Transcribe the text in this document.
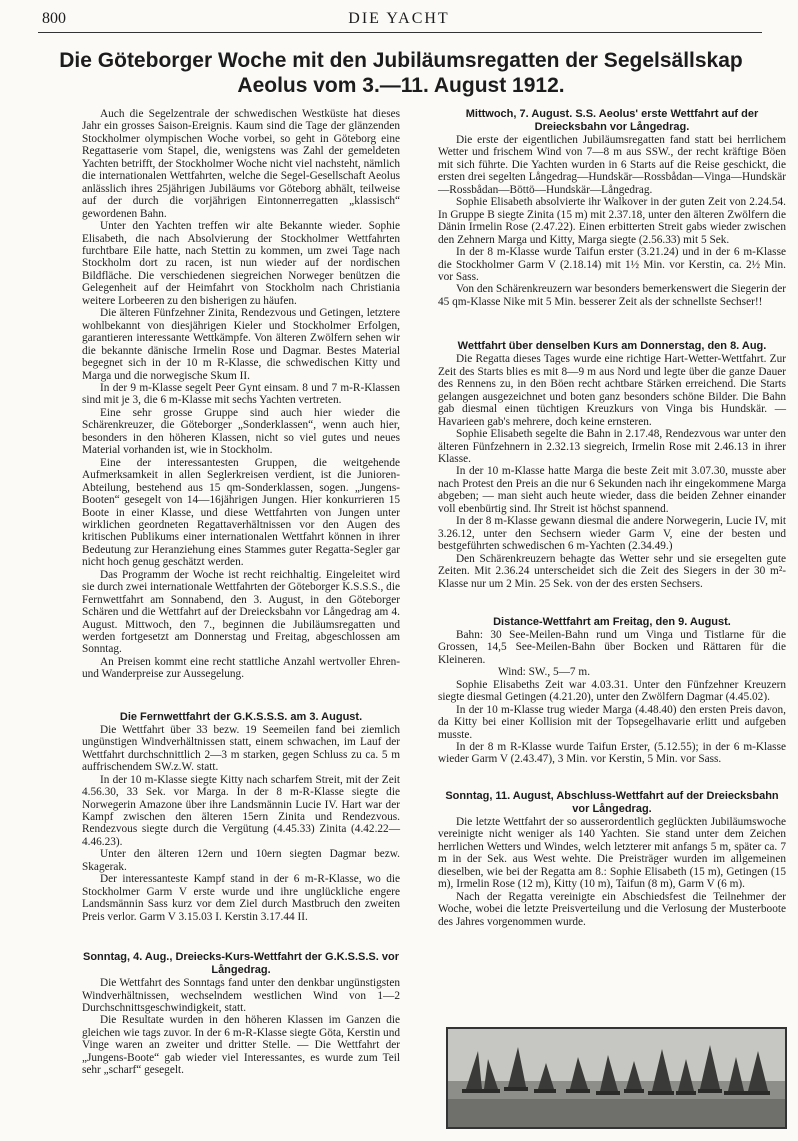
800	DIE YACHT
Die Göteborger Woche mit den Jubiläumsregatten der Segelsällskap Aeolus vom 3.—11. August 1912.

Auch die Segelzentrale der schwedischen Westküste hat dieses Jahr ein grosses Saison-Ereignis. Kaum sind die Tage der glänzenden Stockholmer olympischen Woche vorbei, so geht in Göteborg eine Regattaserie vom Stapel, die, wenigstens was Zahl der gemeldeten Yachten betrifft, der Stockholmer Woche nicht viel nachsteht, nämlich die internationalen Wettfahrten, welche die Segel-Gesellschaft Aeolus anlässlich ihres 25jährigen Jubiläums vor Göteborg abhält, teilweise auf der durch die vorjährigen Eintonnerregatten „klassisch“ gewordenen Bahn.

Unter den Yachten treffen wir alte Bekannte wieder. Sophie Elisabeth, die nach Absolvierung der Stockholmer Wettfahrten furchtbare Eile hatte, nach Stettin zu kommen, um zwei Tage nach Stockholm dort zu racen, ist nun wieder auf der nordischen Bildfläche. Die verschiedenen siegreichen Norweger benützen die Gelegenheit auf der Heimfahrt von Stockholm nach Christiania weitere Lorbeeren zu den bisherigen zu häufen.

Die älteren Fünfzehner Zinita, Rendezvous und Getingen, letztere wohlbekannt von diesjährigen Kieler und Stockholmer Erfolgen, garantieren interessante Wettkämpfe. Von älteren Zwölfern sehen wir die bekannte dänische Irmelin Rose und Dagmar. Bestes Material begegnet sich in der 10 m R-Klasse, die schwedischen Kitty und Marga und die norwegische Skum II.

In der 9 m-Klasse segelt Peer Gynt einsam. 8 und 7 m-R-Klassen sind mit je 3, die 6 m-Klasse mit sechs Yachten vertreten.

Eine sehr grosse Gruppe sind auch hier wieder die Schärenkreuzer, die Göteborger „Sonderklassen“, wenn auch hier, besonders in den höheren Klassen, nicht so viel gutes und neues Material vorhanden ist, wie in Stockholm.

Eine der interessantesten Gruppen, die weitgehende Aufmerksamkeit in allen Seglerkreisen verdient, ist die Junioren-Abteilung, bestehend aus 15 qm-Sonderklassen, sogen. „Jungens-Booten“ gesegelt von 14—16jährigen Jungen. Hier konkurrieren 15 Boote in einer Klasse, und diese Wettfahrten von Jungen unter wirklichen geordneten Regattaverhältnissen vor den Augen des kritischen Publikums einer internationalen Wettfahrt können in ihrer Bedeutung zur Heranziehung eines Stammes guter Regatta-Segler gar nicht hoch genug geschätzt werden.

Das Programm der Woche ist recht reichhaltig. Eingeleitet wird sie durch zwei internationale Wettfahrten der Göteborger K.S.S.S., die Fernwettfahrt am Sonnabend, den 3. August, in den Göteborger Schären und die Wettfahrt auf der Dreiecksbahn vor Långedrag am 4. August. Mittwoch, den 7., beginnen die Jubiläumsregatten und werden fortgesetzt am Donnerstag und Freitag, abgeschlossen am Sonntag.

An Preisen kommt eine recht stattliche Anzahl wertvoller Ehren- und Wanderpreise zur Aussegelung.

Die Fernwettfahrt der G.K.S.S.S. am 3. August.

Die Wettfahrt über 33 bezw. 19 Seemeilen fand bei ziemlich ungünstigen Windverhältnissen statt, einem schwachen, im Lauf der Wettfahrt durchschnittlich 2—3 m starken, gegen Schluss zu ca. 5 m auffrischendem SW.z.W. statt.

In der 10 m-Klasse siegte Kitty nach scharfem Streit, mit der Zeit 4.56.30, 33 Sek. vor Marga. In der 8 m-R-Klasse siegte die Norwegerin Amazone über ihre Landsmännin Lucie IV. Hart war der Kampf zwischen den älteren 15ern Zinita und Rendezvous. Rendezvous siegte durch die Vergütung (4.45.33) Zinita (4.42.22—4.46.23).

Unter den älteren 12ern und 10ern siegten Dagmar bezw. Skagerak.

Der interessanteste Kampf stand in der 6 m-R-Klasse, wo die Stockholmer Garm V erste wurde und ihre unglückliche engere Landsmännin Sass kurz vor dem Ziel durch Mastbruch den zweiten Preis verlor. Garm V 3.15.03 I. Kerstin 3.17.44 II.

Sonntag, 4. Aug., Dreiecks-Kurs-Wettfahrt der G.K.S.S.S. vor Långedrag.

Die Wettfahrt des Sonntags fand unter den denkbar ungünstigsten Windverhältnissen, wechselndem westlichen Wind von 1—2 Durchschnittsgeschwindigkeit, statt.

Die Resultate wurden in den höheren Klassen im Ganzen die gleichen wie tags zuvor. In der 6 m-R-Klasse siegte Göta, Kerstin und Vinge waren an zweiter und dritter Stelle. — Die Wettfahrt der „Jungens-Boote“ gab wieder viel Interessantes, es wurde zum Teil sehr „scharf“ gesegelt.

Mittwoch, 7. August. S.S. Aeolus' erste Wettfahrt auf der Dreiecksbahn vor Långedrag.

Die erste der eigentlichen Jubiläumsregatten fand statt bei herrlichem Wetter und frischem Wind von 7—8 m aus SSW., der recht kräftige Böen mit sich führte. Die Yachten wurden in 6 Starts auf die Reise geschickt, die ersten drei segelten Långedrag—Hundskär—Rossbådan—Vinga—Hundskär—Rossbådan—Böttö—Hundskär—Långedrag.

Sophie Elisabeth absolvierte ihr Walkover in der guten Zeit von 2.24.54. In Gruppe B siegte Zinita (15 m) mit 2.37.18, unter den älteren Zwölfern die Dänin Irmelin Rose (2.47.22). Einen erbitterten Streit gabs wieder zwischen den Zehnern Marga und Kitty, Marga siegte (2.56.33) mit 5 Sek.

In der 8 m-Klasse wurde Taifun erster (3.21.24) und in der 6 m-Klasse die Stockholmer Garm V (2.18.14) mit 1½ Min. vor Kerstin, ca. 2½ Min. vor Sass.

Von den Schärenkreuzern war besonders bemerkenswert die Siegerin der 45 qm-Klasse Nike mit 5 Min. besserer Zeit als der schnellste Sechser!!

Wettfahrt über denselben Kurs am Donnerstag, den 8. Aug.

Die Regatta dieses Tages wurde eine richtige Hart-Wetter-Wettfahrt. Zur Zeit des Starts blies es mit 8—9 m aus Nord und legte über die ganze Dauer des Rennens zu, in den Böen recht achtbare Stärken erreichend. Die Starts gelangen ausgezeichnet und boten ganz besonders schöne Bilder. Die Bahn gab diesmal einen tüchtigen Kreuzkurs von Vinga bis Hundskär. — Havarieen gab's mehrere, doch keine ernsteren.

Sophie Elisabeth segelte die Bahn in 2.17.48, Rendezvous war unter den älteren Fünfzehnern in 2.32.13 siegreich, Irmelin Rose mit 2.46.13 in ihrer Klasse.

In der 10 m-Klasse hatte Marga die beste Zeit mit 3.07.30, musste aber nach Protest den Preis an die nur 6 Sekunden nach ihr eingekommene Marga abgeben; — man sieht auch heute wieder, dass die beiden Zehner einander voll ebenbürtig sind. Ihr Streit ist höchst spannend.

In der 8 m-Klasse gewann diesmal die andere Norwegerin, Lucie IV, mit 3.26.12, unter den Sechsern wieder Garm V, eine der besten und bestgeführten schwedischen 6 m-Yachten (2.34.49.)

Den Schärenkreuzern behagte das Wetter sehr und sie ersegelten gute Zeiten. Mit 2.36.24 unterscheidet sich die Zeit des Siegers in der 30 m²-Klasse nur um 2 Min. 25 Sek. von der des ersten Sechsers.

Distance-Wettfahrt am Freitag, den 9. August.

Bahn: 30 See-Meilen-Bahn rund um Vinga und Tistlarne für die Grossen, 14,5 See-Meilen-Bahn über Bocken und Rättaren für die Kleineren.

Wind: SW., 5—7 m.

Sophie Elisabeths Zeit war 4.03.31. Unter den Fünfzehner Kreuzern siegte diesmal Getingen (4.21.20), unter den Zwölfern Dagmar (4.45.02).

In der 10 m-Klasse trug wieder Marga (4.48.40) den ersten Preis davon, da Kitty bei einer Kollision mit der Topsegelhavarie erlitt und aufgeben musste.

In der 8 m R-Klasse wurde Taifun Erster, (5.12.55); in der 6 m-Klasse wieder Garm V (2.43.47), 3 Min. vor Kerstin, 5 Min. vor Sass.

Sonntag, 11. August, Abschluss-Wettfahrt auf der Dreiecksbahn vor Långedrag.

Die letzte Wettfahrt der so ausserordentlich geglückten Jubiläumswoche vereinigte nicht weniger als 140 Yachten. Sie stand unter dem Zeichen herrlichen Wetters und Windes, welch letzterer mit anfangs 5 m, später ca. 7 m in der Sek. aus West wehte. Die Preisträger wurden im allgemeinen dieselben, wie bei der Regatta am 8.: Sophie Elisabeth (15 m), Getingen (15 m), Irmelin Rose (12 m), Kitty (10 m), Taifun (8 m), Garm V (6 m).

Nach der Regatta vereinigte ein Abschiedsfest die Teilnehmer der Woche, wobei die letzte Preisverteilung und die Verlosung der Musterboote des Jahres vorgenommen wurde.
